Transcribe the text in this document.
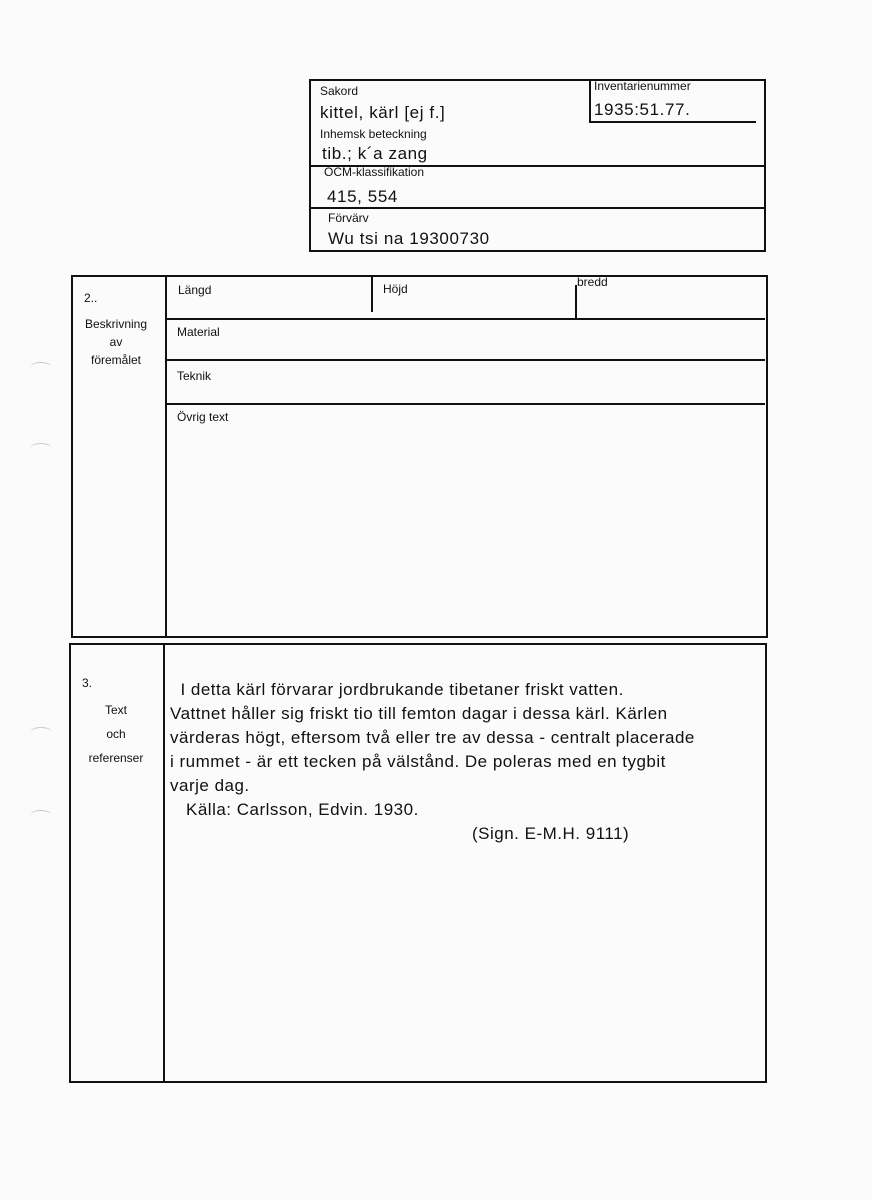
Sakord
kittel, kärl [ej f.]
Inventarienummer
1935:51.77.
Inhemsk beteckning
tib.; k´a zang
OCM-klassifikation
415, 554
Förvärv
Wu tsi na 19300730
2..
Beskrivning
av
föremålet
Längd	Höjd	bredd
Material
Teknik
Övrig text
3.
Text
och
referenser
I detta kärl förvarar jordbrukande tibetaner friskt vatten.
Vattnet håller sig friskt tio till femton dagar i dessa kärl. Kärlen
värderas högt, eftersom två eller tre av dessa - centralt placerade
i rummet - är ett tecken på välstånd. De poleras med en tygbit
varje dag.
Källa: Carlsson, Edvin. 1930.
(Sign. E-M.H. 9111)
